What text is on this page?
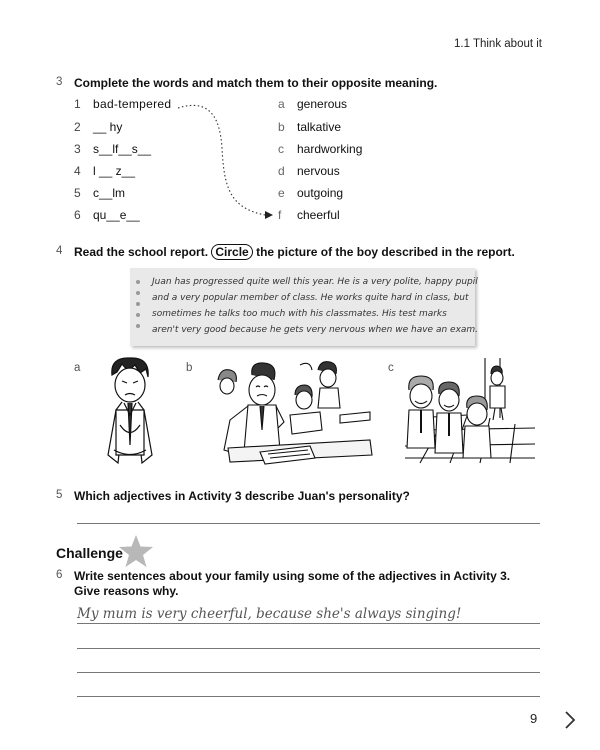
1.1 Think about it
3 Complete the words and match them to their opposite meaning.
1 bad-tempered
2 __ hy
3 s__lf__s__
4 l __ z__
5 c__lm
6 qu__e__
a generous
b talkative
c hardworking
d nervous
e outgoing
f cheerful
4 Read the school report. Circle the picture of the boy described in the report.
Juan has progressed quite well this year. He is a very polite, happy pupil
and a very popular member of class. He works quite hard in class, but
sometimes he talks too much with his classmates. His test marks
aren't very good because he gets very nervous when we have an exam.
a	b	c
5 Which adjectives in Activity 3 describe Juan's personality?
Challenge
6 Write sentences about your family using some of the adjectives in Activity 3.
Give reasons why.
My mum is very cheerful, because she's always singing!
9
